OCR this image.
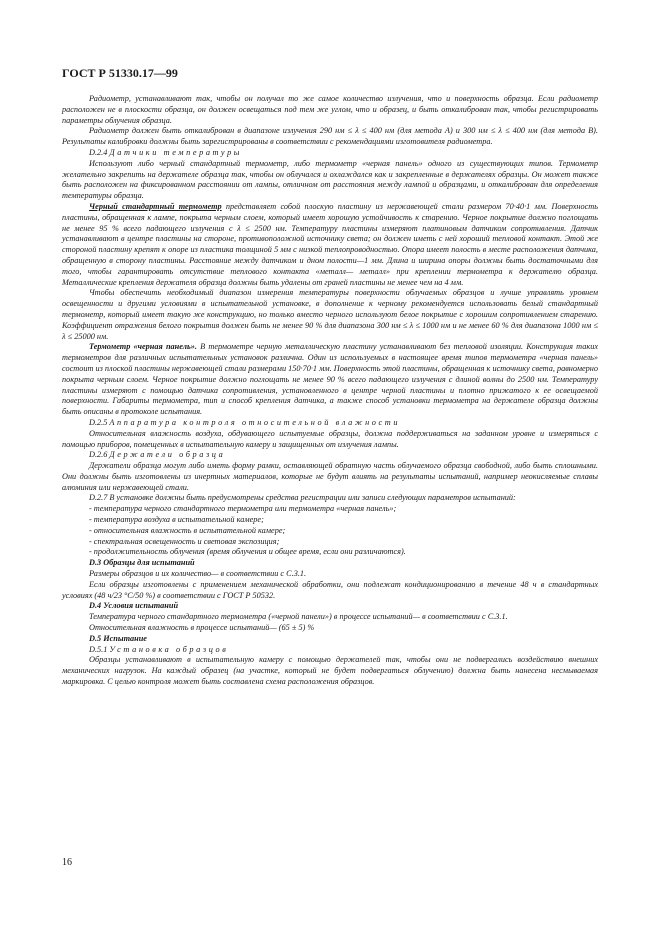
ГОСТ Р 51330.17—99

Радиометр, устанавливают так, чтобы он получал то же самое количество излучения, что и поверхность образца. Если радиометр расположен не в плоскости образца, он должен освещаться под тем же углом, что и образец, и быть откалиброван так, чтобы регистрировать параметры облучения образца.

Радиометр должен быть откалиброван в диапазоне излучения 290 нм ≤ λ ≤ 400 нм (для метода А) и 300 нм ≤ λ ≤ 400 нм (для метода В). Результаты калибровки должны быть зарегистрированы в соответствии с рекомендациями изготовителя радиометра.

D.2.4 Датчики температуры

Используют либо черный стандартный термометр, либо термометр «черная панель» одного из существующих типов. Термометр желательно закрепить на держателе образца так, чтобы он облучался и охлаждался как и закрепленные в держателях образцы. Он может также быть расположен на фиксированном расстоянии от лампы, отличном от расстояния между лампой и образцами, и откалиброван для определения температуры образца.

Черный стандартный термометр представляет собой плоскую пластину из нержавеющей стали размером 70·40·1 мм. Поверхность пластины, обращенная к лампе, покрыта черным слоем, который имеет хорошую устойчивость к старению. Черное покрытие должно поглощать не менее 95 % всего падающего излучения с λ ≤ 2500 нм. Температуру пластины измеряют платиновым датчиком сопротивления. Датчик устанавливают в центре пластины на стороне, противоположной источнику света; он должен иметь с ней хороший тепловой контакт. Этой же стороной пластину крепят к опоре из пластика толщиной 5 мм с низкой теплопроводностью. Опора имеет полость в месте расположения датчика, обращенную в сторону пластины. Расстояние между датчиком и дном полости—1 мм. Длина и ширина опоры должны быть достаточными для того, чтобы гарантировать отсутствие теплового контакта «металл— металл» при креплении термометра к держателю образца. Металлические крепления держателя образца должны быть удалены от граней пластины не менее чем на 4 мм.

Чтобы обеспечить необходимый диапазон измерения температуры поверхности облучаемых образцов и лучше управлять уровнем освещенности и другими условиями в испытательной установке, в дополнение к черному рекомендуется использовать белый стандартный термометр, который имеет такую же конструкцию, но только вместо черного используют белое покрытие с хорошим сопротивлением старению. Коэффициент отражения белого покрытия должен быть не менее 90 % для диапазона 300 нм ≤ λ ≤ 1000 нм и не менее 60 % для диапазона 1000 нм ≤ λ ≤ 25000 нм.

Термометр «черная панель». В термометре черную металлическую пластину устанавливают без тепловой изоляции. Конструкция таких термометров для различных испытательных установок различна. Один из используемых в настоящее время типов термометра «черная панель» состоит из плоской пластины нержавеющей стали размерами 150·70·1 мм. Поверхность этой пластины, обращенная к источнику света, равномерно покрыта черным слоем. Черное покрытие должно поглощать не менее 90 % всего падающего излучения с длиной волны до 2500 нм. Температуру пластины измеряют с помощью датчика сопротивления, установленного в центре черной пластины и плотно прижатого к ее освещаемой поверхности. Габариты термометра, тип и способ крепления датчика, а также способ установки термометра на держателе образца должны быть описаны в протоколе испытания.

D.2.5 Аппаратура контроля относительной влажности

Относительная влажность воздуха, обдувающего испытуемые образцы, должна поддерживаться на заданном уровне и измеряться с помощью приборов, помещенных в испытательную камеру и защищенных от излучения лампы.

D.2.6 Держатели образца

Держатели образца могут либо иметь форму рамки, оставляющей обратную часть облучаемого образца свободной, либо быть сплошными. Они должны быть изготовлены из инертных материалов, которые не будут влиять на результаты испытаний, например неокисляемые сплавы алюминия или нержавеющей стали.

D.2.7 В установке должны быть предусмотрены средства регистрации или записи следующих параметров испытаний:

- температура черного стандартного термометра или термометра «черная панель»;

- температура воздуха в испытательной камере;

- относительная влажность в испытательной камере;

- спектральная освещенность и световая экспозиция;

- продолжительность облучения (время облучения и общее время, если они различаются).

D.3 Образцы для испытаний

Размеры образцов и их количество— в соответствии с С.3.1.

Если образцы изготовлены с применением механической обработки, они подлежат кондиционированию в течение 48 ч в стандартных условиях (48 ч/23 °С/50 %) в соответствии с ГОСТ Р 50532.

D.4 Условия испытаний

Температура черного стандартного термометра («черной панели») в процессе испытаний— в соответствии с С.3.1.

Относительная влажность в процессе испытаний— (65 ± 5) %

D.5 Испытание

D.5.1 Установка образцов

Образцы устанавливают в испытательную камеру с помощью держателей так, чтобы они не подвергались воздействию внешних механических нагрузок. На каждый образец (на участке, который не будет подвергаться облучению) должна быть нанесена несмываемая маркировка. С целью контроля может быть составлена схема расположения образцов.

16
